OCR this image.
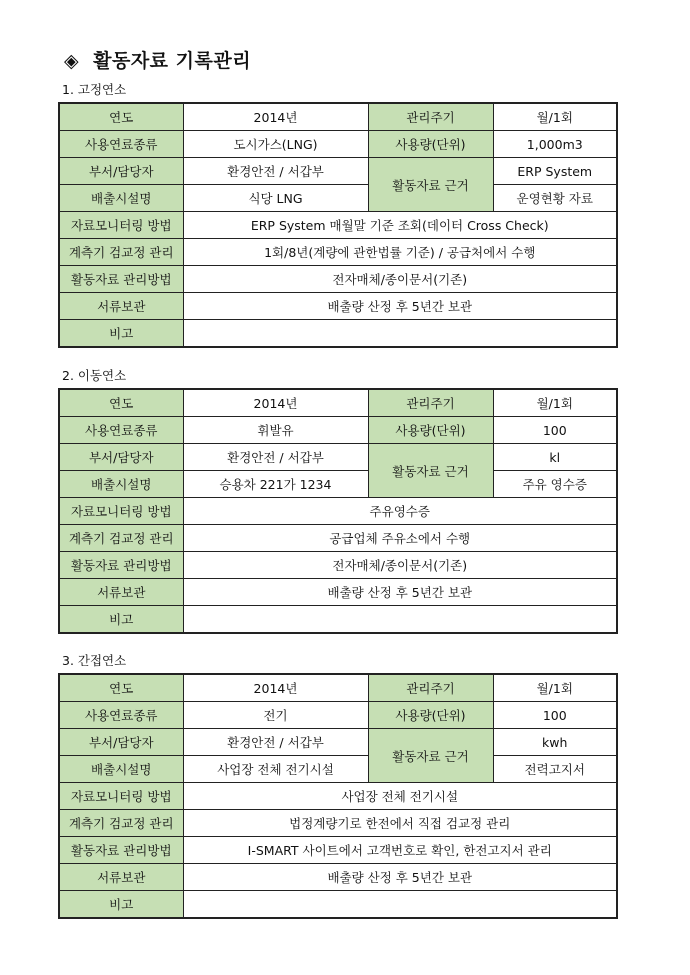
◈ 활동자료 기록관리
1. 고정연소
연도	2014년	관리주기	월/1회
사용연료종류	도시가스(LNG)	사용량(단위)	1,000m3
부서/담당자	환경안전 / 서갑부	활동자료 근거	ERP System
배출시설명	식당 LNG		운영현황 자료
자료모니터링 방법	ERP System 매월말 기준 조회(데이터 Cross Check)		
계측기 검교정 관리	1회/8년(계량에 관한법률 기준) / 공급처에서 수행		
활동자료 관리방법	전자매체/종이문서(기존)		
서류보관	배출량 산정 후 5년간 보관		
비고			
2. 이동연소
연도	2014년	관리주기	월/1회
사용연료종류	휘발유	사용량(단위)	100
부서/담당자	환경안전 / 서갑부	활동자료 근거	kl
배출시설명	승용차 221가 1234		주유 영수증
자료모니터링 방법	주유영수증		
계측기 검교정 관리	공급업체 주유소에서 수행		
활동자료 관리방법	전자매체/종이문서(기존)		
서류보관	배출량 산정 후 5년간 보관		
비고			
3. 간접연소
연도	2014년	관리주기	월/1회
사용연료종류	전기	사용량(단위)	100
부서/담당자	환경안전 / 서갑부	활동자료 근거	kwh
배출시설명	사업장 전체 전기시설		전력고지서
자료모니터링 방법	사업장 전체 전기시설		
계측기 검교정 관리	법정계량기로 한전에서 직접 검교정 관리		
활동자료 관리방법	I-SMART 사이트에서 고객번호로 확인, 한전고지서 관리		
서류보관	배출량 산정 후 5년간 보관		
비고			
